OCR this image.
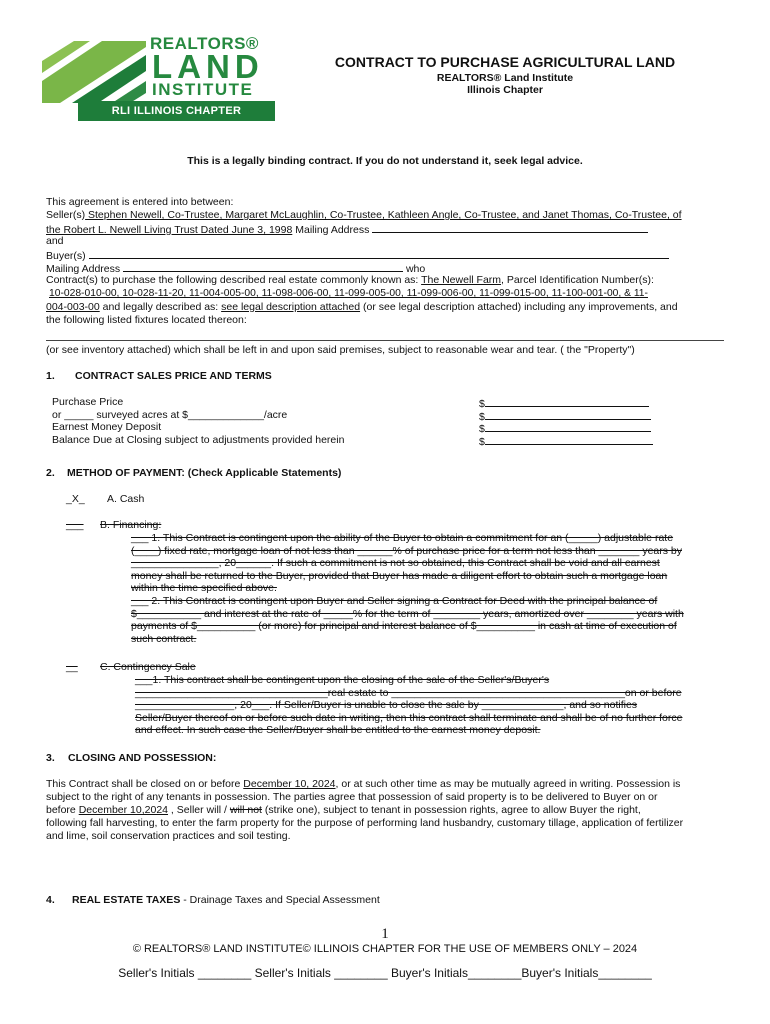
REALTORS®
LAND
INSTITUTE
RLI ILLINOIS CHAPTER
CONTRACT TO PURCHASE AGRICULTURAL LAND
REALTORS® Land Institute
Illinois Chapter
This is a legally binding contract. If you do not understand it, seek legal advice.
This agreement is entered into between:
Seller(s) Stephen Newell, Co-Trustee, Margaret McLaughlin, Co-Trustee, Kathleen Angle, Co-Trustee, and Janet Thomas, Co-Trustee, of
the Robert L. Newell Living Trust Dated June 3, 1998 Mailing Address
and
Buyer(s)
Mailing Address	who
Contract(s) to purchase the following described real estate commonly known as: The Newell Farm, Parcel Identification Number(s):
10-028-010-00, 10-028-11-20, 11-004-005-00, 11-098-006-00, 11-099-005-00, 11-099-006-00, 11-099-015-00, 11-100-001-00, & 11-
004-003-00 and legally described as: see legal description attached (or see legal description attached) including any improvements, and
the following listed fixtures located thereon:
(or see inventory attached) which shall be left in and upon said premises, subject to reasonable wear and tear. ( the "Property")
1. CONTRACT SALES PRICE AND TERMS
Purchase Price	$
or _____ surveyed acres at $_____________/acre	$
Earnest Money Deposit	$
Balance Due at Closing subject to adjustments provided herein	$
2. METHOD OF PAYMENT: (Check Applicable Statements)
_X_ A. Cash
___ B. Financing:
___ 1. This Contract is contingent upon the ability of the Buyer to obtain a commitment for an (_____) adjustable rate
(____) fixed rate, mortgage loan of not less than ______% of purchase price for a term not less than _______ years by
_______________, 20______. If such a commitment is not so obtained, this Contract shall be void and all earnest
money shall be returned to the Buyer, provided that Buyer has made a diligent effort to obtain such a mortgage loan
within the time specified above.
___ 2. This Contract is contingent upon Buyer and Seller signing a Contract for Deed with the principal balance of
$___________ and interest at the rate of _____% for the term of ________ years, amortized over ________ years with
payments of $__________ (or more) for principal and interest balance of $__________ in cash at time of execution of
such contract.
__ C. Contingency Sale
___1. This contract shall be contingent upon the closing of the sale of the Seller's/Buyer's
_________________________________real estate to ________________________________________on or before
_________________, 20___. If Seller/Buyer is unable to close the sale by ______________, and so notifies
Seller/Buyer thereof on or before such date in writing, then this contract shall terminate and shall be of no further force
and effect. In such case the Seller/Buyer shall be entitled to the earnest money deposit.
3. CLOSING AND POSSESSION:
This Contract shall be closed on or before December 10, 2024, or at such other time as may be mutually agreed in writing. Possession is
subject to the right of any tenants in possession. The parties agree that possession of said property is to be delivered to Buyer on or
before December 10,2024 , Seller will / will not (strike one), subject to tenant in possession rights, agree to allow Buyer the right,
following fall harvesting, to enter the farm property for the purpose of performing land husbandry, customary tillage, application of fertilizer
and lime, soil conservation practices and soil testing.
4. REAL ESTATE TAXES - Drainage Taxes and Special Assessment
1
© REALTORS® LAND INSTITUTE© ILLINOIS CHAPTER FOR THE USE OF MEMBERS ONLY – 2024
Seller's Initials ________ Seller's Initials ________ Buyer's Initials________Buyer's Initials________
